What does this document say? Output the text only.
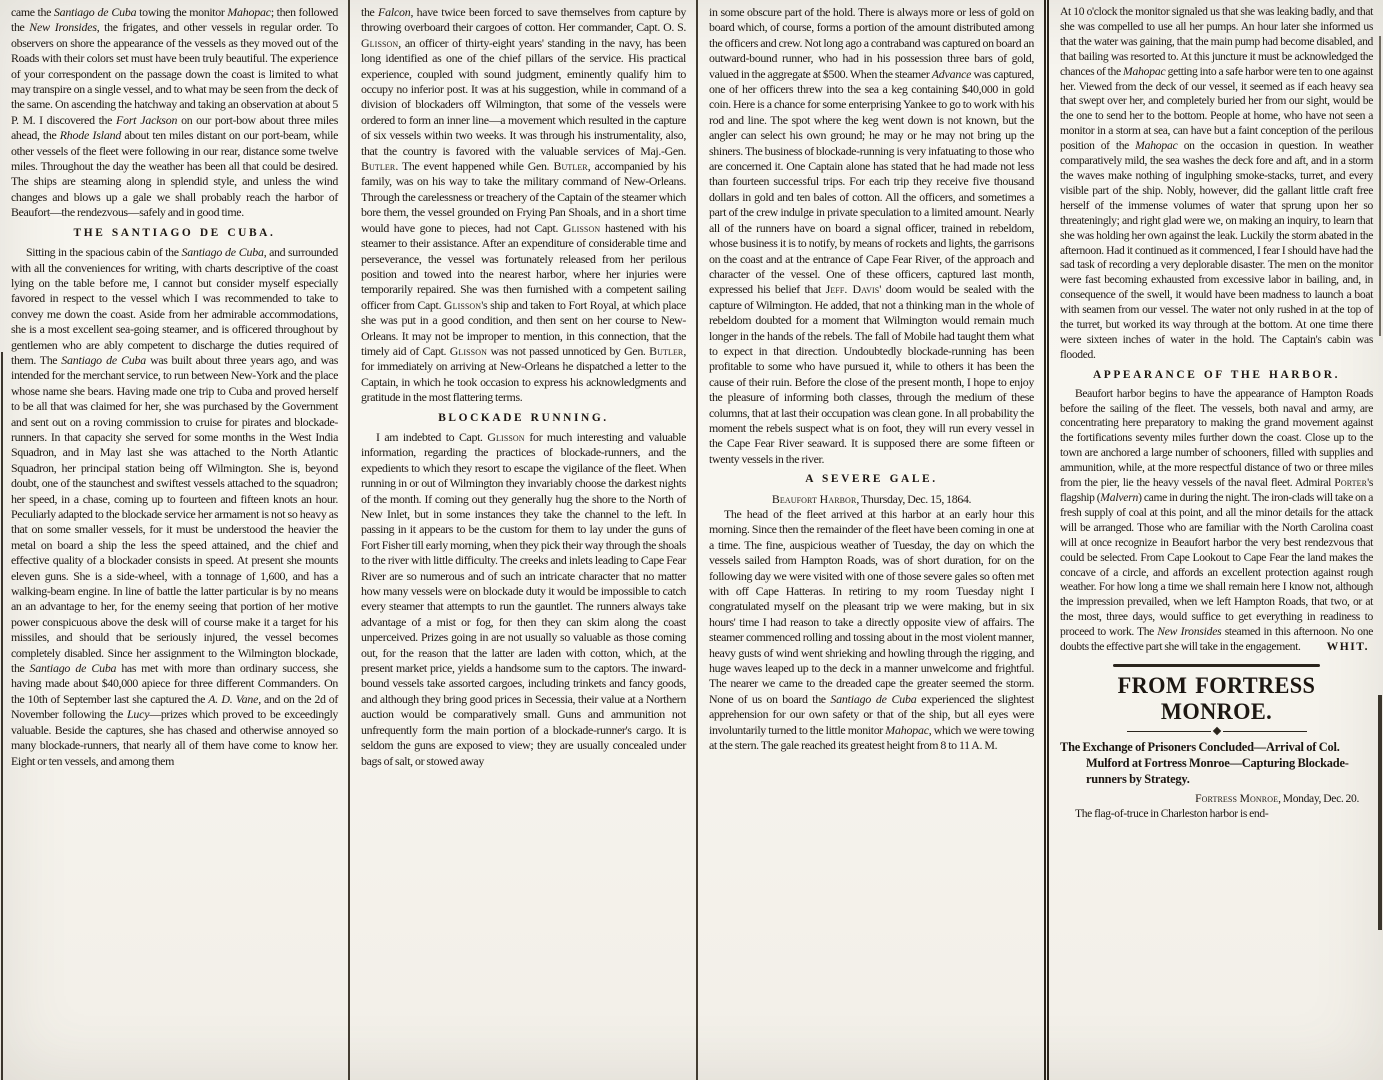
came the Santiago de Cuba towing the monitor Mahopac; then followed the New Ironsides, the frigates, and other vessels in regular order. To observers on shore the appearance of the vessels as they moved out of the Roads with their colors set must have been truly beautiful. The experience of your correspondent on the passage down the coast is limited to what may transpire on a single vessel, and to what may be seen from the deck of the same. On ascending the hatchway and taking an observation at about 5 P. M. I discovered the Fort Jackson on our port-bow about three miles ahead, the Rhode Island about ten miles distant on our port-beam, while other vessels of the fleet were following in our rear, distance some twelve miles. Throughout the day the weather has been all that could be desired. The ships are steaming along in splendid style, and unless the wind changes and blows up a gale we shall probably reach the harbor of Beaufort—the rendezvous—safely and in good time.

THE SANTIAGO DE CUBA.

Sitting in the spacious cabin of the Santiago de Cuba, and surrounded with all the conveniences for writing, with charts descriptive of the coast lying on the table before me, I cannot but consider myself especially favored in respect to the vessel which I was recommended to take to convey me down the coast. Aside from her admirable accommodations, she is a most excellent sea-going steamer, and is officered throughout by gentlemen who are ably competent to discharge the duties required of them. The Santiago de Cuba was built about three years ago, and was intended for the merchant service, to run between New-York and the place whose name she bears. Having made one trip to Cuba and proved herself to be all that was claimed for her, she was purchased by the Government and sent out on a roving commission to cruise for pirates and blockade-runners. In that capacity she served for some months in the West India Squadron, and in May last she was attached to the North Atlantic Squadron, her principal station being off Wilmington. She is, beyond doubt, one of the staunchest and swiftest vessels attached to the squadron; her speed, in a chase, coming up to fourteen and fifteen knots an hour. Peculiarly adapted to the blockade service her armament is not so heavy as that on some smaller vessels, for it must be understood the heavier the metal on board a ship the less the speed attained, and the chief and effective quality of a blockader consists in speed. At present she mounts eleven guns. She is a side-wheel, with a tonnage of 1,600, and has a walking-beam engine. In line of battle the latter particular is by no means an an advantage to her, for the enemy seeing that portion of her motive power conspicuous above the desk will of course make it a target for his missiles, and should that be seriously injured, the vessel becomes completely disabled. Since her assignment to the Wilmington blockade, the Santiago de Cuba has met with more than ordinary success, she having made about $40,000 apiece for three different Commanders. On the 10th of September last she captured the A. D. Vane, and on the 2d of November following the Lucy—prizes which proved to be exceedingly valuable. Beside the captures, she has chased and otherwise annoyed so many blockade-runners, that nearly all of them have come to know her. Eight or ten vessels, and among them

the Falcon, have twice been forced to save themselves from capture by throwing overboard their cargoes of cotton. Her commander, Capt. O. S. Glisson, an officer of thirty-eight years' standing in the navy, has been long identified as one of the chief pillars of the service. His practical experience, coupled with sound judgment, eminently qualify him to occupy no inferior post. It was at his suggestion, while in command of a division of blockaders off Wilmington, that some of the vessels were ordered to form an inner line—a movement which resulted in the capture of six vessels within two weeks. It was through his instrumentality, also, that the country is favored with the valuable services of Maj.-Gen. Butler. The event happened while Gen. Butler, accompanied by his family, was on his way to take the military command of New-Orleans. Through the carelessness or treachery of the Captain of the steamer which bore them, the vessel grounded on Frying Pan Shoals, and in a short time would have gone to pieces, had not Capt. Glisson hastened with his steamer to their assistance. After an expenditure of considerable time and perseverance, the vessel was fortunately released from her perilous position and towed into the nearest harbor, where her injuries were temporarily repaired. She was then furnished with a competent sailing officer from Capt. Glisson's ship and taken to Fort Royal, at which place she was put in a good condition, and then sent on her course to New-Orleans. It may not be improper to mention, in this connection, that the timely aid of Capt. Glisson was not passed unnoticed by Gen. Butler, for immediately on arriving at New-Orleans he dispatched a letter to the Captain, in which he took occasion to express his acknowledgments and gratitude in the most flattering terms.

BLOCKADE RUNNING.

I am indebted to Capt. Glisson for much interesting and valuable information, regarding the practices of blockade-runners, and the expedients to which they resort to escape the vigilance of the fleet. When running in or out of Wilmington they invariably choose the darkest nights of the month. If coming out they generally hug the shore to the North of New Inlet, but in some instances they take the channel to the left. In passing in it appears to be the custom for them to lay under the guns of Fort Fisher till early morning, when they pick their way through the shoals to the river with little difficulty. The creeks and inlets leading to Cape Fear River are so numerous and of such an intricate character that no matter how many vessels were on blockade duty it would be impossible to catch every steamer that attempts to run the gauntlet. The runners always take advantage of a mist or fog, for then they can skim along the coast unperceived. Prizes going in are not usually so valuable as those coming out, for the reason that the latter are laden with cotton, which, at the present market price, yields a handsome sum to the captors. The inward-bound vessels take assorted cargoes, including trinkets and fancy goods, and although they bring good prices in Secessia, their value at a Northern auction would be comparatively small. Guns and ammunition not unfrequently form the main portion of a blockade-runner's cargo. It is seldom the guns are exposed to view; they are usually concealed under bags of salt, or stowed away

in some obscure part of the hold. There is always more or less of gold on board which, of course, forms a portion of the amount distributed among the officers and crew. Not long ago a contraband was captured on board an outward-bound runner, who had in his possession three bars of gold, valued in the aggregate at $500. When the steamer Advance was captured, one of her officers threw into the sea a keg containing $40,000 in gold coin. Here is a chance for some enterprising Yankee to go to work with his rod and line. The spot where the keg went down is not known, but the angler can select his own ground; he may or he may not bring up the shiners. The business of blockade-running is very infatuating to those who are concerned it. One Captain alone has stated that he had made not less than fourteen successful trips. For each trip they receive five thousand dollars in gold and ten bales of cotton. All the officers, and sometimes a part of the crew indulge in private speculation to a limited amount. Nearly all of the runners have on board a signal officer, trained in rebeldom, whose business it is to notify, by means of rockets and lights, the garrisons on the coast and at the entrance of Cape Fear River, of the approach and character of the vessel. One of these officers, captured last month, expressed his belief that Jeff. Davis' doom would be sealed with the capture of Wilmington. He added, that not a thinking man in the whole of rebeldom doubted for a moment that Wilmington would remain much longer in the hands of the rebels. The fall of Mobile had taught them what to expect in that direction. Undoubtedly blockade-running has been profitable to some who have pursued it, while to others it has been the cause of their ruin. Before the close of the present month, I hope to enjoy the pleasure of informing both classes, through the medium of these columns, that at last their occupation was clean gone. In all probability the moment the rebels suspect what is on foot, they will run every vessel in the Cape Fear River seaward. It is supposed there are some fifteen or twenty vessels in the river.

A SEVERE GALE.

Beaufort Harbor, Thursday, Dec. 15, 1864.

The head of the fleet arrived at this harbor at an early hour this morning. Since then the remainder of the fleet have been coming in one at a time. The fine, auspicious weather of Tuesday, the day on which the vessels sailed from Hampton Roads, was of short duration, for on the following day we were visited with one of those severe gales so often met with off Cape Hatteras. In retiring to my room Tuesday night I congratulated myself on the pleasant trip we were making, but in six hours' time I had reason to take a directly opposite view of affairs. The steamer commenced rolling and tossing about in the most violent manner, heavy gusts of wind went shrieking and howling through the rigging, and huge waves leaped up to the deck in a manner unwelcome and frightful. The nearer we came to the dreaded cape the greater seemed the storm. None of us on board the Santiago de Cuba experienced the slightest apprehension for our own safety or that of the ship, but all eyes were involuntarily turned to the little monitor Mahopac, which we were towing at the stern. The gale reached its greatest height from 8 to 11 A. M.

At 10 o'clock the monitor signaled us that she was leaking badly, and that she was compelled to use all her pumps. An hour later she informed us that the water was gaining, that the main pump had become disabled, and that bailing was resorted to. At this juncture it must be acknowledged the chances of the Mahopac getting into a safe harbor were ten to one against her. Viewed from the deck of our vessel, it seemed as if each heavy sea that swept over her, and completely buried her from our sight, would be the one to send her to the bottom. People at home, who have not seen a monitor in a storm at sea, can have but a faint conception of the perilous position of the Mahopac on the occasion in question. In weather comparatively mild, the sea washes the deck fore and aft, and in a storm the waves make nothing of ingulphing smoke-stacks, turret, and every visible part of the ship. Nobly, however, did the gallant little craft free herself of the immense volumes of water that sprung upon her so threateningly; and right glad were we, on making an inquiry, to learn that she was holding her own against the leak. Luckily the storm abated in the afternoon. Had it continued as it commenced, I fear I should have had the sad task of recording a very deplorable disaster. The men on the monitor were fast becoming exhausted from excessive labor in bailing, and, in consequence of the swell, it would have been madness to launch a boat with seamen from our vessel. The water not only rushed in at the top of the turret, but worked its way through at the bottom. At one time there were sixteen inches of water in the hold. The Captain's cabin was flooded.

APPEARANCE OF THE HARBOR.

Beaufort harbor begins to have the appearance of Hampton Roads before the sailing of the fleet. The vessels, both naval and army, are concentrating here preparatory to making the grand movement against the fortifications seventy miles further down the coast. Close up to the town are anchored a large number of schooners, filled with supplies and ammunition, while, at the more respectful distance of two or three miles from the pier, lie the heavy vessels of the naval fleet. Admiral Porter's flagship (Malvern) came in during the night. The iron-clads will take on a fresh supply of coal at this point, and all the minor details for the attack will be arranged. Those who are familiar with the North Carolina coast will at once recognize in Beaufort harbor the very best rendezvous that could be selected. From Cape Lookout to Cape Fear the land makes the concave of a circle, and affords an excellent protection against rough weather. For how long a time we shall remain here I know not, although the impression prevailed, when we left Hampton Roads, that two, or at the most, three days, would suffice to get everything in readiness to proceed to work. The New Ironsides steamed in this afternoon. No one doubts the effective part she will take in the engagement.	WHIT.

FROM FORTRESS MONROE.

The Exchange of Prisoners Concluded—Arrival of Col. Mulford at Fortress Monroe—Capturing Blockade-runners by Strategy.

Fortress Monroe, Monday, Dec. 20.

The flag-of-truce in Charleston harbor is end-
